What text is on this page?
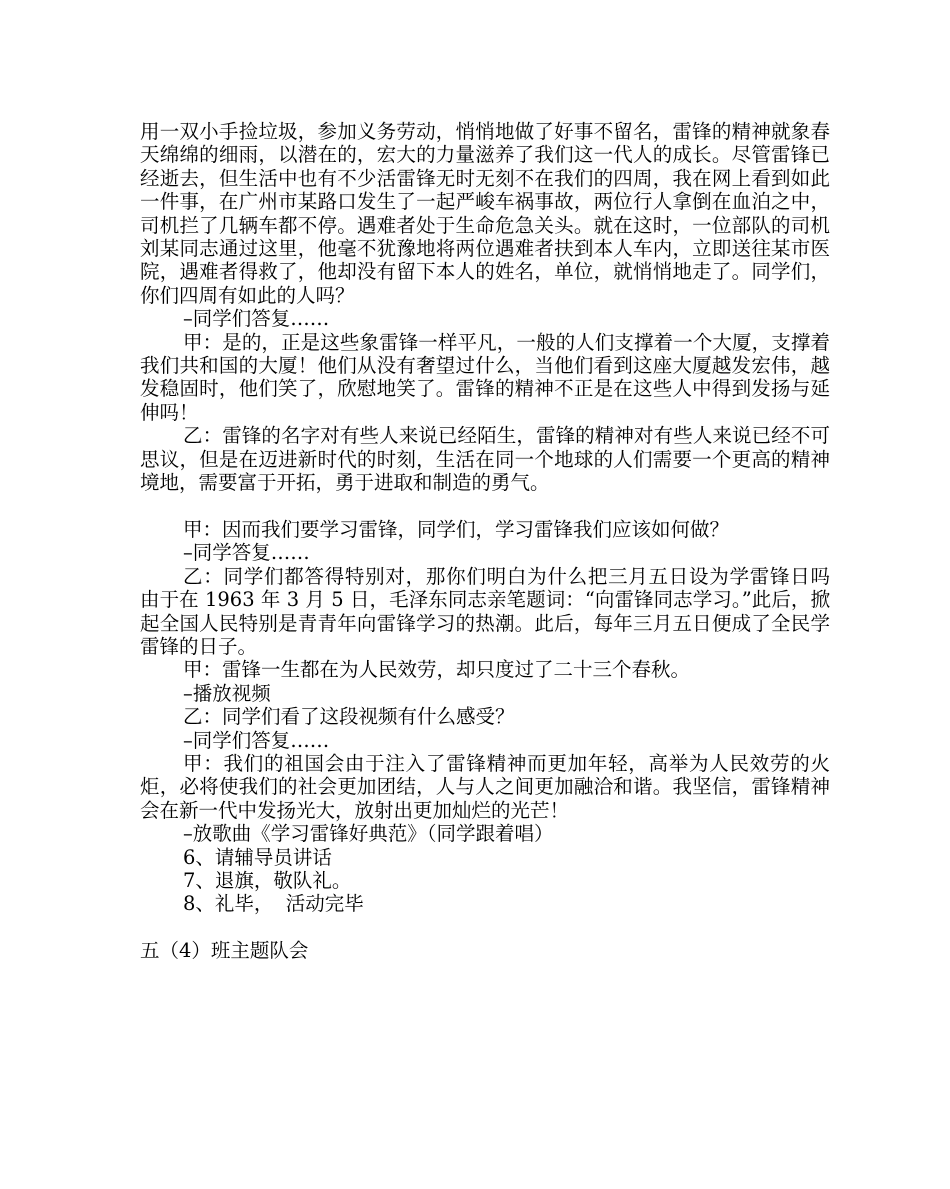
用一双小手捡垃圾，参加义务劳动，悄悄地做了好事不留名，雷锋的精神就象春天绵绵的细雨，以潜在的，宏大的力量滋养了我们这一代人的成长。尽管雷锋已经逝去，但生活中也有不少活雷锋无时无刻不在我们的四周，我在网上看到如此一件事，在广州市某路口发生了一起严峻车祸事故，两位行人拿倒在血泊之中，司机拦了几辆车都不停。遇难者处于生命危急关头。就在这时，一位部队的司机刘某同志通过这里，他毫不犹豫地将两位遇难者扶到本人车内，立即送往某市医院，遇难者得救了，他却没有留下本人的姓名，单位，就悄悄地走了。同学们，你们四周有如此的人吗？

–同学们答复……

甲：是的，正是这些象雷锋一样平凡，一般的人们支撑着一个大厦，支撑着我们共和国的大厦！他们从没有奢望过什么，当他们看到这座大厦越发宏伟，越发稳固时，他们笑了，欣慰地笑了。雷锋的精神不正是在这些人中得到发扬与延伸吗！

乙：雷锋的名字对有些人来说已经陌生，雷锋的精神对有些人来说已经不可思议，但是在迈进新时代的时刻，生活在同一个地球的人们需要一个更高的精神境地，需要富于开拓，勇于进取和制造的勇气。

甲：因而我们要学习雷锋，同学们，学习雷锋我们应该如何做？

–同学答复……

乙：同学们都答得特别对，那你们明白为什么把三月五日设为学雷锋日吗 由于在 1963 年 3 月 5 日，毛泽东同志亲笔题词：“向雷锋同志学习。”此后，掀起全国人民特别是青青年向雷锋学习的热潮。此后，每年三月五日便成了全民学雷锋的日子。

甲：雷锋一生都在为人民效劳，却只度过了二十三个春秋。

–播放视频

乙：同学们看了这段视频有什么感受？

–同学们答复……

甲：我们的祖国会由于注入了雷锋精神而更加年轻，高举为人民效劳的火炬，必将使我们的社会更加团结，人与人之间更加融洽和谐。我坚信，雷锋精神会在新一代中发扬光大，放射出更加灿烂的光芒！

–放歌曲《学习雷锋好典范》（同学跟着唱）

6、请辅导员讲话

7、退旗，敬队礼。

8、礼毕，  活动完毕

五（4）班主题队会
